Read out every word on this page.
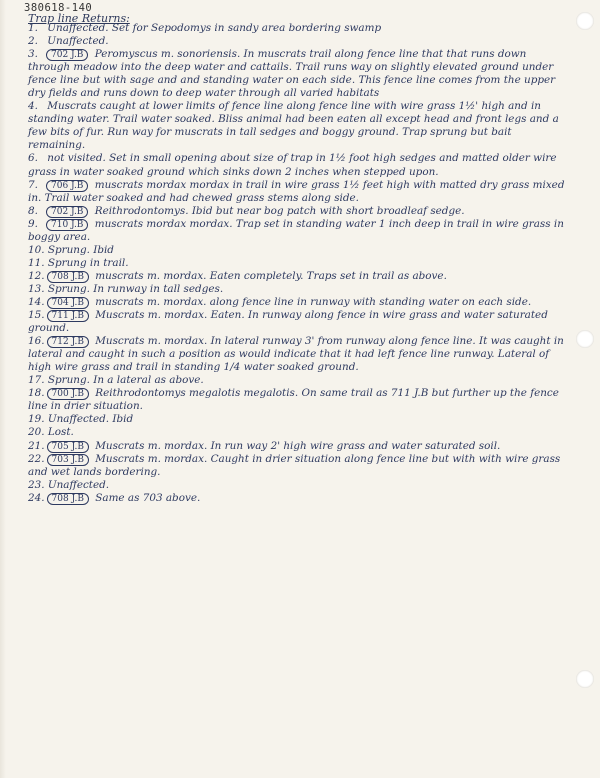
380618-140
Trap line Returns:

1. Unaffected. Set for Sepodomys in sandy area bordering swamp

2. Unaffected.

3. 702 J.B Peromyscus m. sonoriensis. In muscrats trail along fence line that that runs down through meadow into the deep water and cattails. Trail runs way on slightly elevated ground under fence line but with sage and and standing water on each side. This fence line comes from the upper dry fields and runs down to deep water through all varied habitats

4. Muscrats caught at lower limits of fence line along fence line with wire grass 1½' high and in standing water. Trail water soaked. Bliss animal had been eaten all except head and front legs and a few bits of fur. Run way for muscrats in tall sedges and boggy ground. Trap sprung but bait remaining.

6. not visited. Set in small opening about size of trap in 1½ foot high sedges and matted older wire grass in water soaked ground which sinks down 2 inches when stepped upon.

7. 706 J.B muscrats mordax mordax in trail in wire grass 1½ feet high with matted dry grass mixed in. Trail water soaked and had chewed grass stems along side.

8. 702 J.B Reithrodontomys. Ibid but near bog patch with short broadleaf sedge.

9. 710 J.B muscrats mordax mordax. Trap set in standing water 1 inch deep in trail in wire grass in boggy area.

10. Sprung. Ibid

11. Sprung in trail.

12. 708 J.B muscrats m. mordax. Eaten completely. Traps set in trail as above.

13. Sprung. In runway in tall sedges.

14. 704 J.B muscrats m. mordax. along fence line in runway with standing water on each side.

15. 711 J.B Muscrats m. mordax. Eaten. In runway along fence in wire grass and water saturated ground.

16. 712 J.B Muscrats m. mordax. In lateral runway 3' from runway along fence line. It was caught in lateral and caught in such a position as would indicate that it had left fence line runway. Lateral of high wire grass and trail in standing 1/4 water soaked ground.

17. Sprung. In a lateral as above.

18. 700 J.B Reithrodontomys megalotis megalotis. On same trail as 711 J.B but further up the fence line in drier situation.

19. Unaffected. Ibid

20. Lost.

21. 705 J.B Muscrats m. mordax. In run way 2' high wire grass and water saturated soil.

22. 703 J.B Muscrats m. mordax. Caught in drier situation along fence line but with with wire grass and wet lands bordering.

23. Unaffected.

24. 708 J.B Same as 703 above.
